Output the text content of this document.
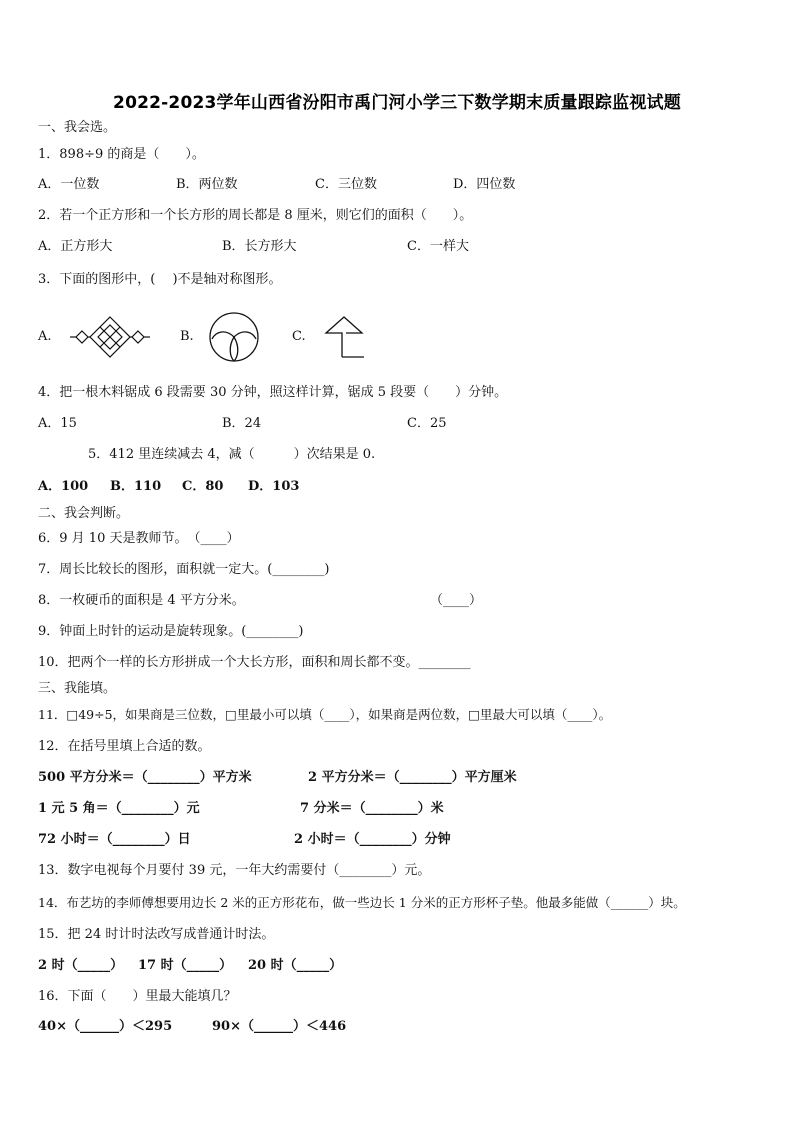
2022-2023学年山西省汾阳市禹门河小学三下数学期末质量跟踪监视试题
一、我会选。
1．898÷9 的商是（　　）。
A．一位数	B．两位数	C．三位数	D．四位数
2．若一个正方形和一个长方形的周长都是 8 厘米，则它们的面积（　　）。
A．正方形大	B．长方形大	C．一样大
3．下面的图形中，(　 )不是轴对称图形。
A.	B.	C.
4．把一根木料锯成 6 段需要 30 分钟，照这样计算，锯成 5 段要（　　）分钟。
A．15	B．24	C．25
5．412 里连续减去 4，减（　　　）次结果是 0.
A．100 B．110 C．80 D．103
二、我会判断。
6．9 月 10 天是教师节。　（____）
7．周长比较长的图形，面积就一定大。(________)
8．一枚硬币的面积是 4 平方分米。	（____）
9．钟面上时针的运动是旋转现象。(________)
10．把两个一样的长方形拼成一个大长方形，面积和周长都不变。________
三、我能填。
11．□49÷5，如果商是三位数，□里最小可以填（____），如果商是两位数，□里最大可以填（____）。
12．在括号里填上合适的数。
500 平方分米＝（________）平方米	2 平方分米＝（________）平方厘米
1 元 5 角＝（________）元	7 分米＝（________）米
72 小时＝（________）日	2 小时＝（________）分钟
13．数字电视每个月要付 39 元，一年大约需要付（________）元。
14．布艺坊的李师傅想要用边长 2 米的正方形花布，做一些边长 1 分米的正方形杯子垫。他最多能做（______）块。
15．把 24 时计时法改写成普通计时法。
2 时（_____） 17 时（_____） 20 时（_____）
16．下面（　　）里最大能填几？
40×（______）＜295	90×（______）＜446
